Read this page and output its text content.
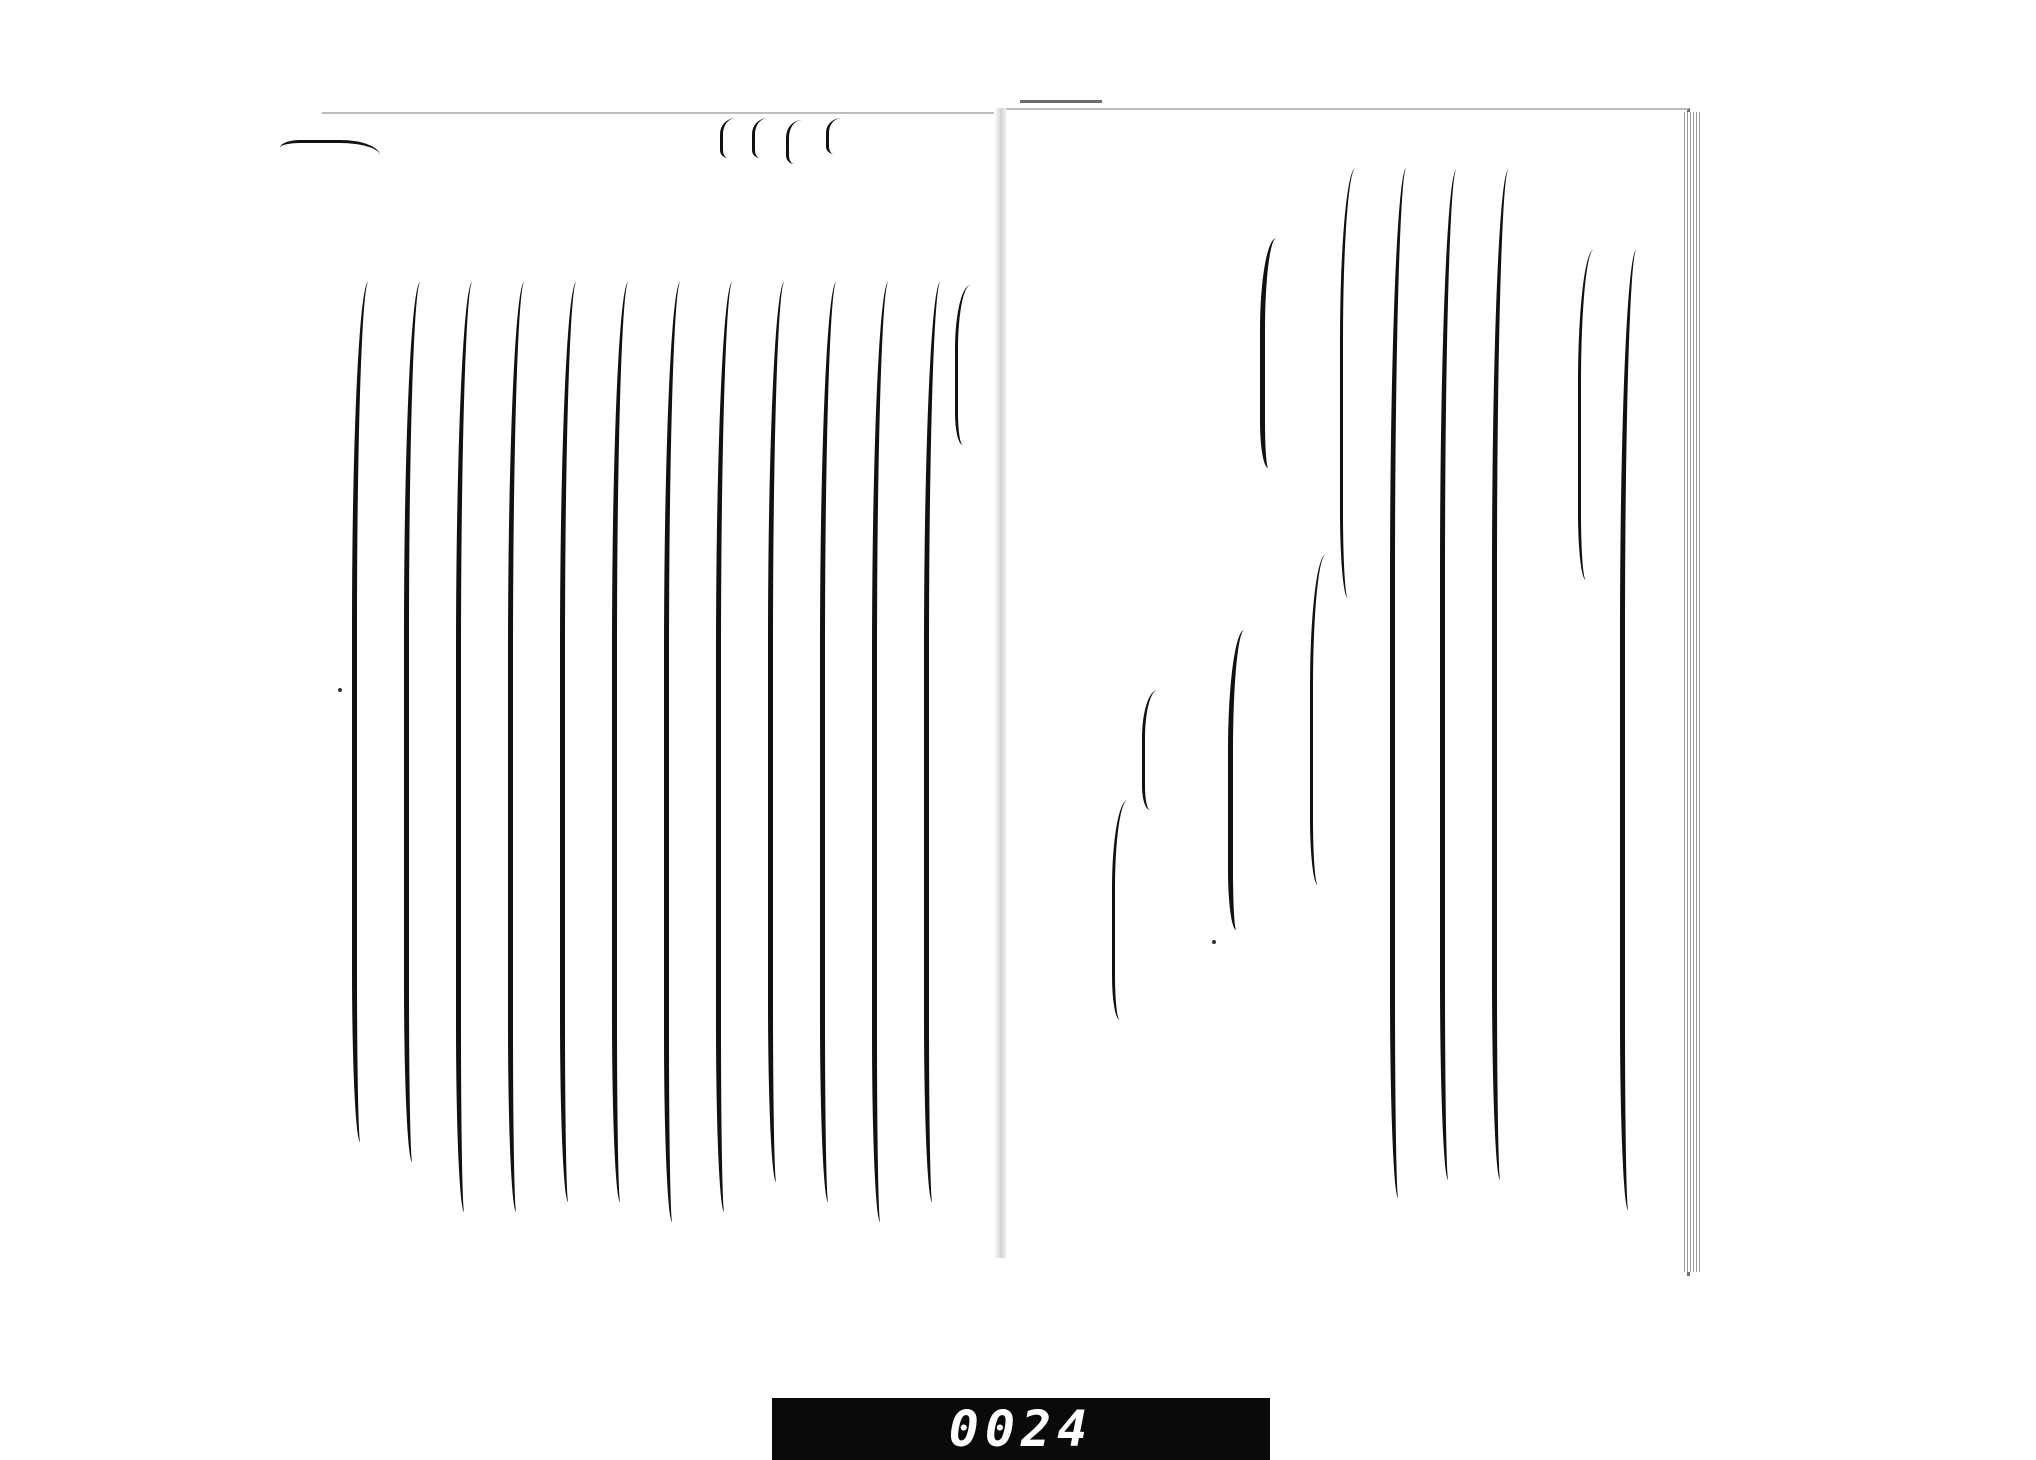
0024
